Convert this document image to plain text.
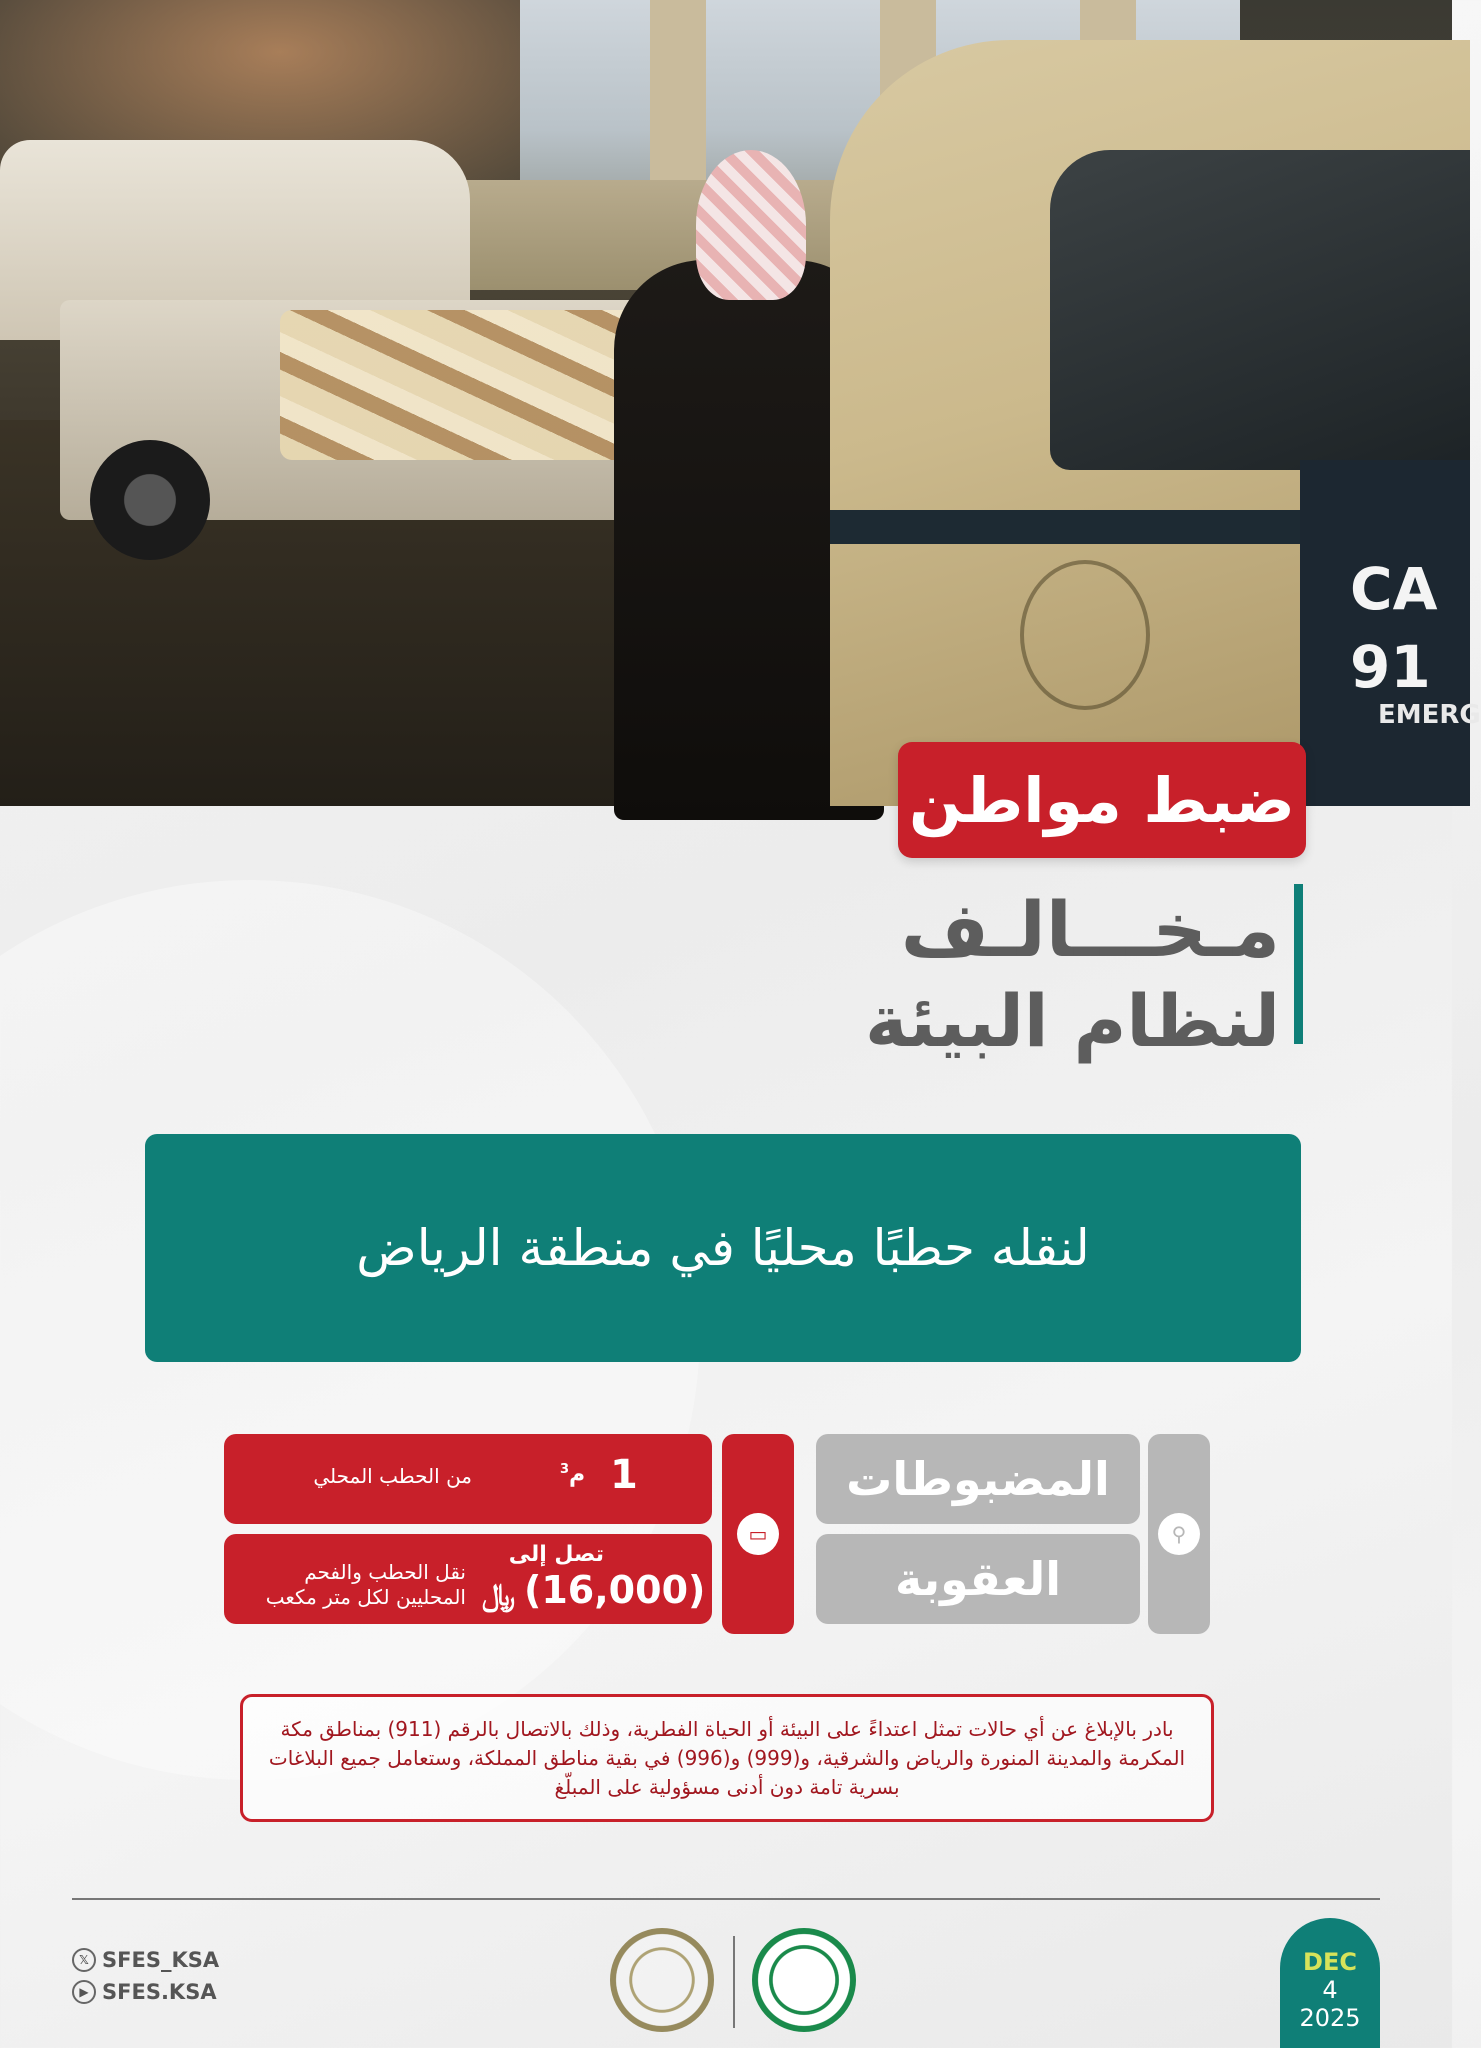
CA
91
EMERG
ضبط مواطن
مـخـــالـف
لنظام البيئة
لنقله حطبًا محليًا في منطقة الرياض
⚲
المضبوطات
العقوبة
▭
1
م$^3$
من الحطب المحلي
تصل إلى
(16,000)
﷼
نقل الحطب والفحم المحليين لكل متر مكعب
بادر بالإبلاغ عن أي حالات تمثل اعتداءً على البيئة أو الحياة الفطرية، وذلك بالاتصال بالرقم (911) بمناطق مكة المكرمة والمدينة المنورة والرياض والشرقية، و(999) و(996) في بقية مناطق المملكة، وستعامل جميع البلاغات بسرية تامة دون أدنى مسؤولية على المبلّغ
𝕏 SFES_KSA
▶ SFES.KSA
DEC
4
2025
